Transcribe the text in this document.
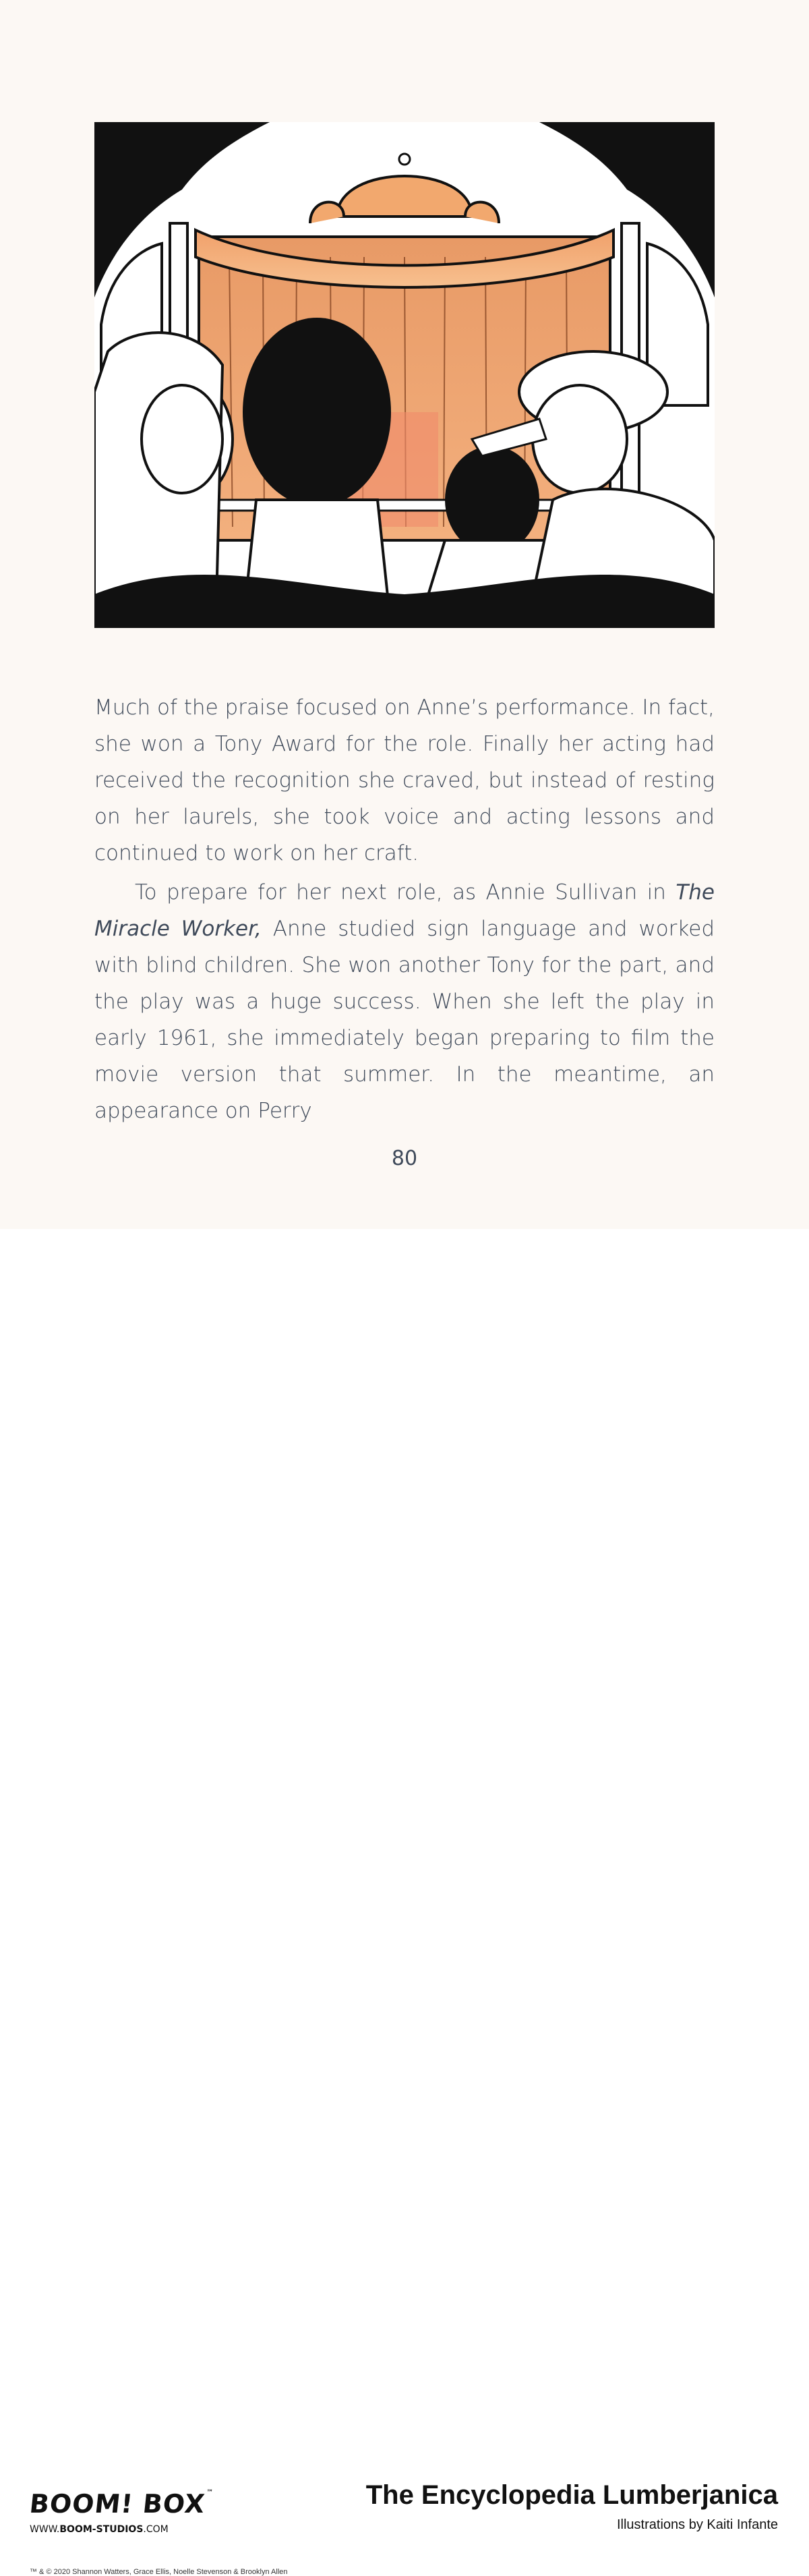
Much of the praise focused on Anne’s performance. In fact, she won a Tony Award for the role. Finally her acting had received the recognition she craved, but instead of resting on her laurels, she took voice and acting lessons and continued to work on her craft.

To prepare for her next role, as Annie Sullivan in The Miracle Worker, Anne studied sign language and worked with blind children. She won another Tony for the part, and the play was a huge success. When she left the play in early 1961, she immediately began preparing to film the movie version that summer. In the meantime, an appearance on Perry

80
BOOM! BOX™
WWW.BOOM-STUDIOS.COM
The Encyclopedia Lumberjanica
Illustrations by Kaiti Infante
™ & © 2020 Shannon Watters, Grace Ellis, Noelle Stevenson & Brooklyn Allen
